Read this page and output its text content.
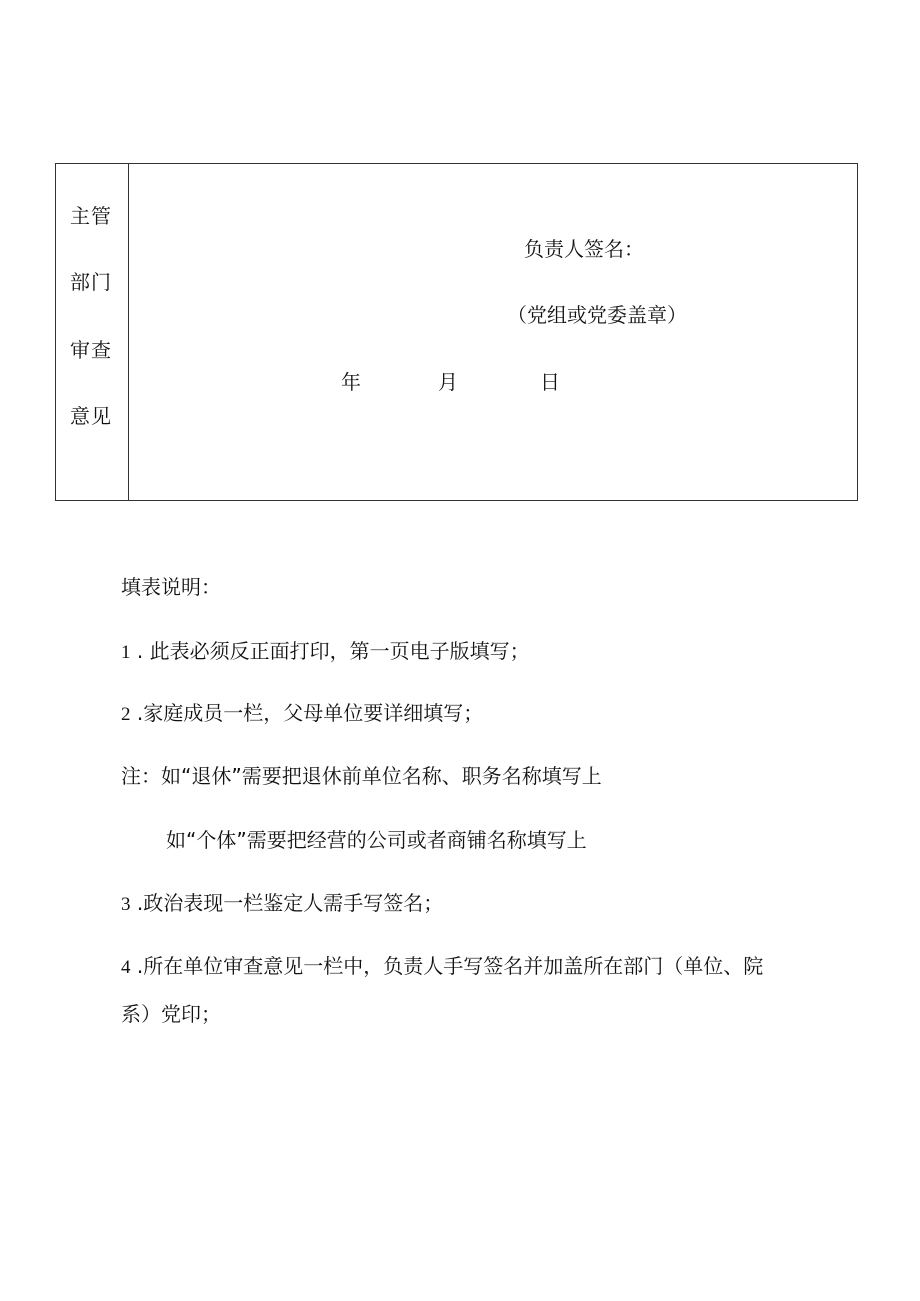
主管
部门
审查
意见
负责人签名：
（党组或党委盖章）
年	月	日
填表说明：
1 . 此表必须反正面打印，第一页电子版填写；
2 .家庭成员一栏，父母单位要详细填写；
注：如“退休”需要把退休前单位名称、职务名称填写上
如“个体”需要把经营的公司或者商铺名称填写上
3 .政治表现一栏鉴定人需手写签名；
4 .所在单位审查意见一栏中，负责人手写签名并加盖所在部门（单位、院
系）党印；
